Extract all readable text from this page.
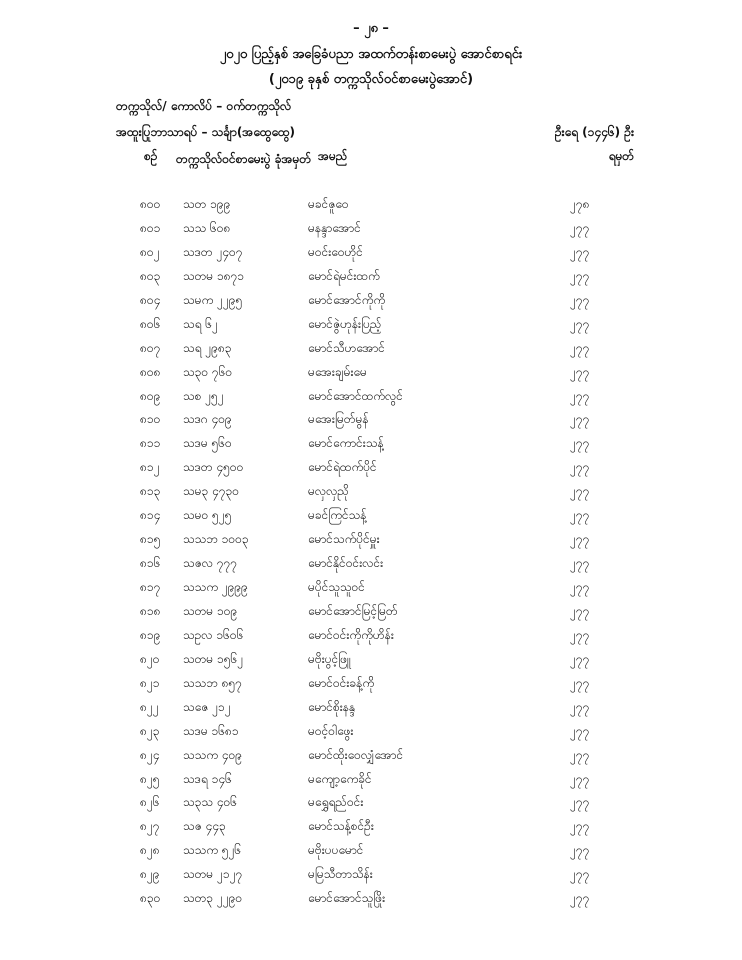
– ၂၈ –
၂၀၂၀ ပြည့်နှစ် အခြေခံပညာ အထက်တန်းစာမေးပွဲ အောင်စာရင်း
(၂၀၁၉ ခုနှစ် တက္ကသိုလ်ဝင်စာမေးပွဲအောင်)
တက္ကသိုလ်/ ကောလိပ် – ဝက်တက္ကသိုလ်
အထူးပြုဘာသာရပ် – သင်္ချာ(အထွေထွေ)	ဦးရေ (၁၄၄၆) ဦး
စဉ် တက္ကသိုလ်ဝင်စာမေးပွဲ ခုံအမှတ် အမည်	ရမှတ်
၈၀၀ သတ ၁၉၉	မခင်ဇူဝေ	၂၇၈
၈၀၁ သသ ၆၀၈	မနန္ဒာအောင်	၂၇၇
၈၀၂ သဒတ ၂၄၀၇	မဝင်းဝေဟိုင်	၂၇၇
၈၀၃ သတမ ၁၈၇၁	မောင်ရဲမင်းထက်	၂၇၇
၈၀၄ သမက ၂၂၉၅	မောင်အောင်ကိုကို	၂၇၇
၈၀၆ သရ ၆၂	မောင်ဇွဲဟုန်းပြည့်	၂၇၇
၈၀၇ သရ ၂၉၈၃	မောင်သီဟအောင်	၂၇၇
၈၀၈ သ၃၀ ၇၆၀	မအေးချမ်းမေ	၂၇၇
၈၀၉ သစ ၂၅၂	မောင်အောင်ထက်လွင်	၂၇၇
၈၁၀ သဒဂ ၄၀၉	မအေးမြတ်မွန်	၂၇၇
၈၁၁ သဒမ ၅၆၀	မောင်ကောင်းသန့်	၂၇၇
၈၁၂ သဒတ ၄၅၀၀	မောင်ရဲထက်ပိုင်	၂၇၇
၈၁၃ သမ၃ ၄၇၃၀	မလှလှညို	၂၇၇
၈၁၄ သမဝ ၅၂၅	မခင်ကြင်သန့်	၂၇၇
၈၁၅ သသဘ ၁၀၀၃	မောင်သက်ပိုင်မှူး	၂၇၇
၈၁၆ သဇလ ၇၇၇	မောင်နိုင်ဝင်းလင်း	၂၇၇
၈၁၇ သသက ၂၉၉၉	မပိုင်သူသူဝင်	၂၇၇
၈၁၈ သတမ ၁၀၉	မောင်အောင်မြင့်မြတ်	၂၇၇
၈၁၉ သဥလ ၁၆၀၆	မောင်ဝင်းကိုကိုဟိန်း	၂၇၇
၈၂၀ သတမ ၁၅၆၂	မဗိုးပွင့်ဖြူ	၂၇၇
၈၂၁ သသဘ ၈၅၇	မောင်ဝင်းခန့်ကို	၂၇၇
၈၂၂ သဇေ ၂၁၂	မောင်စိုးနန္ဒ	၂၇၇
၈၂၃ သဒမ ၁၆၈၁	မဝင့်ဝါဖွေး	၂၇၇
၈၂၄ သသက ၄၀၉	မောင်ထိုးဝေလျှံအောင်	၂၇၇
၈၂၅ သဒရ ၁၄၆	မကျော့ကေခိုင်	၂၇၇
၈၂၆ သ၃သ ၄၀၆	မရွှေရည်ဝင်း	၂၇၇
၈၂၇ သဇ ၄၄၃	မောင်သန့်စင်ဦး	၂၇၇
၈၂၈ သသက ၅၂၆	မဗိုးပပမောင်	၂၇၇
၈၂၉ သတမ ၂၁၂၇	မမြသီတာသိန်း	၂၇၇
၈၃၀ သတ၃ ၂၂၉၀	မောင်အောင်သူဖြိုး	၂၇၇
